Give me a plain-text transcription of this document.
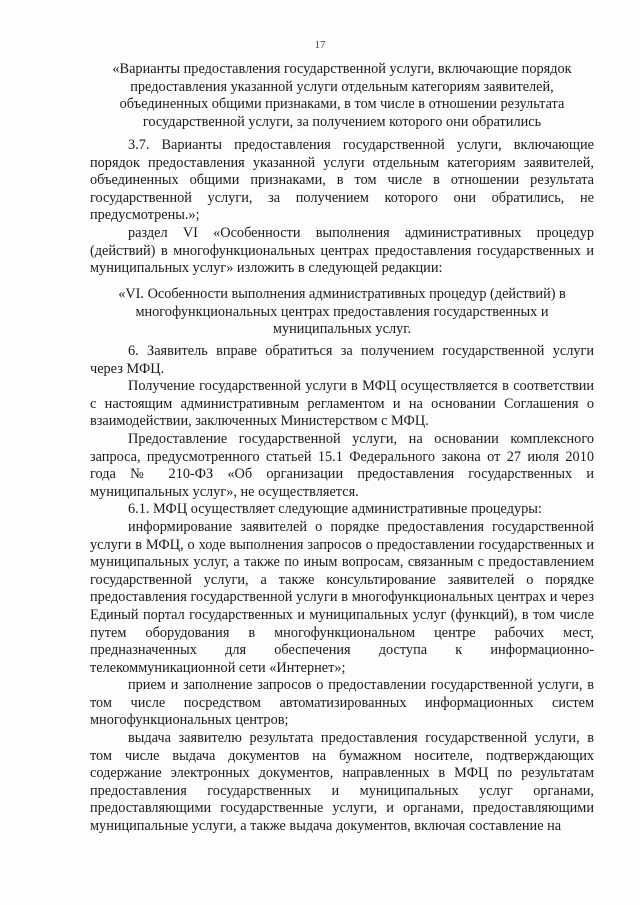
17
«Варианты предоставления государственной услуги, включающие порядок предоставления указанной услуги отдельным категориям заявителей, объединенных общими признаками, в том числе в отношении результата государственной услуги, за получением которого они обратились

3.7. Варианты предоставления государственной услуги, включающие порядок предоставления указанной услуги отдельным категориям заявителей, объединенных общими признаками, в том числе в отношении результата государственной услуги, за получением которого они обратились, не предусмотрены.»;

раздел VI «Особенности выполнения административных процедур (действий) в многофункциональных центрах предоставления государственных и муниципальных услуг» изложить в следующей редакции:

«VI. Особенности выполнения административных процедур (действий) в многофункциональных центрах предоставления государственных и муниципальных услуг.

6. Заявитель вправе обратиться за получением государственной услуги через МФЦ.

Получение государственной услуги в МФЦ осуществляется в соответствии с настоящим административным регламентом и на основании Соглашения о взаимодействии, заключенных Министерством с МФЦ.

Предоставление государственной услуги, на основании комплексного запроса, предусмотренного статьей 15.1 Федерального закона от 27 июля 2010 года № 210-ФЗ «Об организации предоставления государственных и муниципальных услуг», не осуществляется.

6.1. МФЦ осуществляет следующие административные процедуры:

информирование заявителей о порядке предоставления государственной услуги в МФЦ, о ходе выполнения запросов о предоставлении государственных и муниципальных услуг, а также по иным вопросам, связанным с предоставлением государственной услуги, а также консультирование заявителей о порядке предоставления государственной услуги в многофункциональных центрах и через Единый портал государственных и муниципальных услуг (функций), в том числе путем оборудования в многофункциональном центре рабочих мест, предназначенных для обеспечения доступа к информационно-телекоммуникационной сети «Интернет»;

прием и заполнение запросов о предоставлении государственной услуги, в том числе посредством автоматизированных информационных систем многофункциональных центров;

выдача заявителю результата предоставления государственной услуги, в том числе выдача документов на бумажном носителе, подтверждающих содержание электронных документов, направленных в МФЦ по результатам предоставления государственных и муниципальных услуг органами, предоставляющими государственные услуги, и органами, предоставляющими муниципальные услуги, а также выдача документов, включая составление на
